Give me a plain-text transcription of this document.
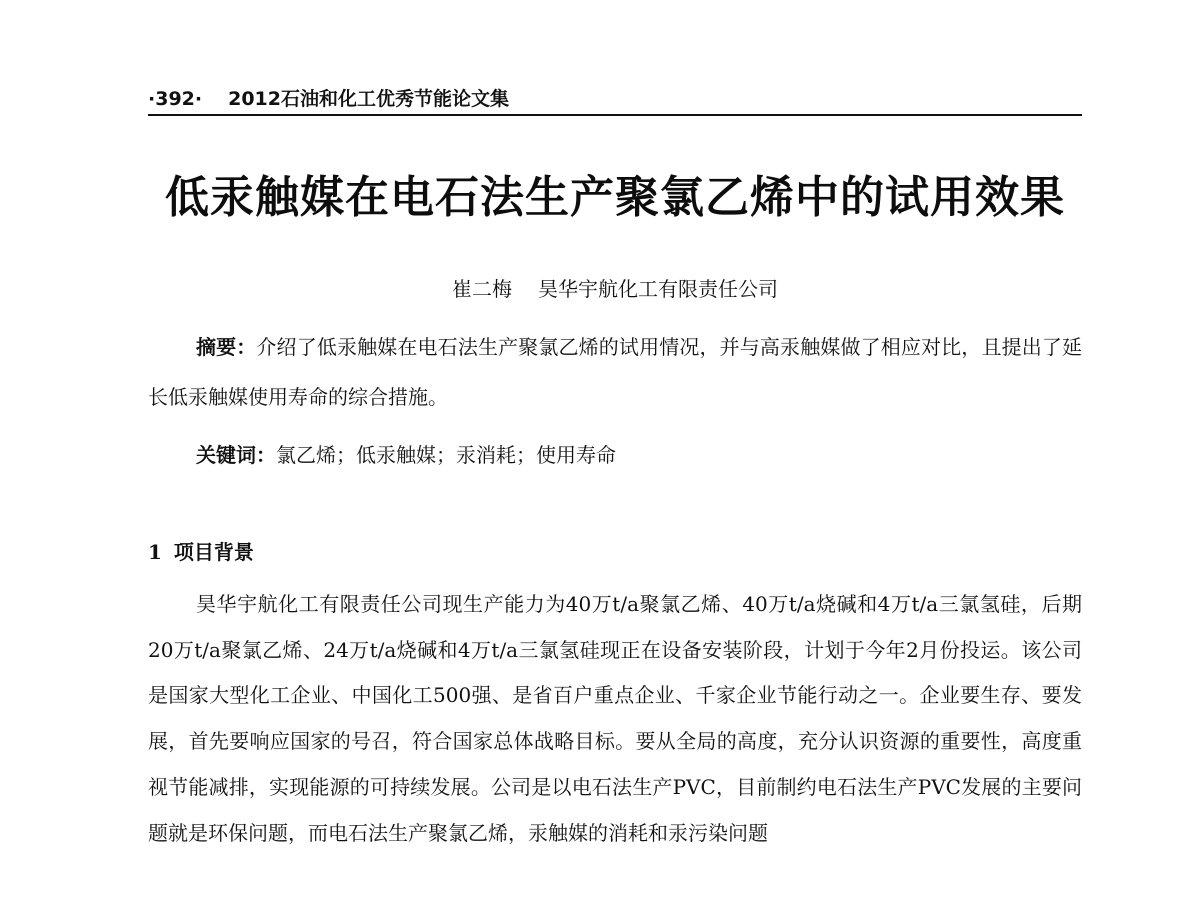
·392· 2012石油和化工优秀节能论文集
低汞触媒在电石法生产聚氯乙烯中的试用效果
崔二梅 昊华宇航化工有限责任公司

摘要：介绍了低汞触媒在电石法生产聚氯乙烯的试用情况，并与高汞触媒做了相应对比，且提出了延长低汞触媒使用寿命的综合措施。

关键词：氯乙烯；低汞触媒；汞消耗；使用寿命

1 项目背景

昊华宇航化工有限责任公司现生产能力为40万t/a聚氯乙烯、40万t/a烧碱和4万t/a三氯氢硅，后期20万t/a聚氯乙烯、24万t/a烧碱和4万t/a三氯氢硅现正在设备安装阶段，计划于今年2月份投运。该公司是国家大型化工企业、中国化工500强、是省百户重点企业、千家企业节能行动之一。企业要生存、要发展，首先要响应国家的号召，符合国家总体战略目标。要从全局的高度，充分认识资源的重要性，高度重视节能减排，实现能源的可持续发展。公司是以电石法生产PVC，目前制约电石法生产PVC发展的主要问题就是环保问题，而电石法生产聚氯乙烯，汞触媒的消耗和汞污染问题
